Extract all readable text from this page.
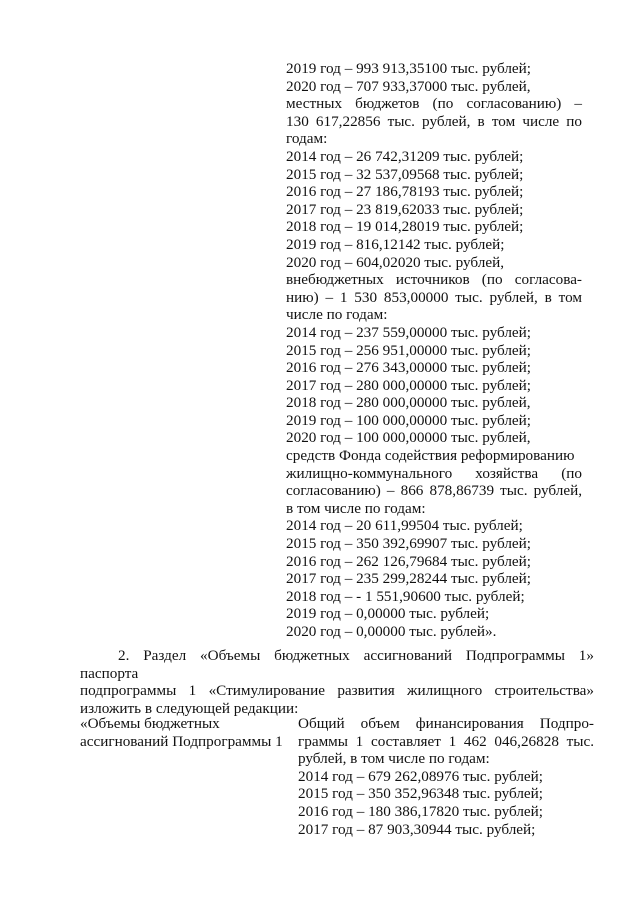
2019 год – 993 913,35100 тыс. рублей;
2020 год – 707 933,37000 тыс. рублей,
местных бюджетов (по согласованию) –
130 617,22856 тыс. рублей, в том числе по
годам:
2014 год – 26 742,31209 тыс. рублей;
2015 год – 32 537,09568 тыс. рублей;
2016 год – 27 186,78193 тыс. рублей;
2017 год – 23 819,62033 тыс. рублей;
2018 год – 19 014,28019 тыс. рублей;
2019 год – 816,12142 тыс. рублей;
2020 год – 604,02020 тыс. рублей,
внебюджетных источников (по согласова-
нию) – 1 530 853,00000 тыс. рублей, в том
числе по годам:
2014 год – 237 559,00000 тыс. рублей;
2015 год – 256 951,00000 тыс. рублей;
2016 год – 276 343,00000 тыс. рублей;
2017 год – 280 000,00000 тыс. рублей;
2018 год – 280 000,00000 тыс. рублей,
2019 год – 100 000,00000 тыс. рублей;
2020 год – 100 000,00000 тыс. рублей,
средств Фонда содействия реформированию
жилищно-коммунального хозяйства (по
согласованию) – 866 878,86739 тыс. рублей,
в том числе по годам:
2014 год – 20 611,99504 тыс. рублей;
2015 год – 350 392,69907 тыс. рублей;
2016 год – 262 126,79684 тыс. рублей;
2017 год – 235 299,28244 тыс. рублей;
2018 год – - 1 551,90600 тыс. рублей;
2019 год – 0,00000 тыс. рублей;
2020 год – 0,00000 тыс. рублей».
2. Раздел «Объемы бюджетных ассигнований Подпрограммы 1» паспорта
подпрограммы 1 «Стимулирование развития жилищного строительства»
изложить в следующей редакции:
«Объемы бюджетных
ассигнований Подпрограммы 1
Общий объем финансирования Подпро-
граммы 1 составляет 1 462 046,26828 тыс.
рублей, в том числе по годам:
2014 год – 679 262,08976 тыс. рублей;
2015 год – 350 352,96348 тыс. рублей;
2016 год – 180 386,17820 тыс. рублей;
2017 год – 87 903,30944 тыс. рублей;
